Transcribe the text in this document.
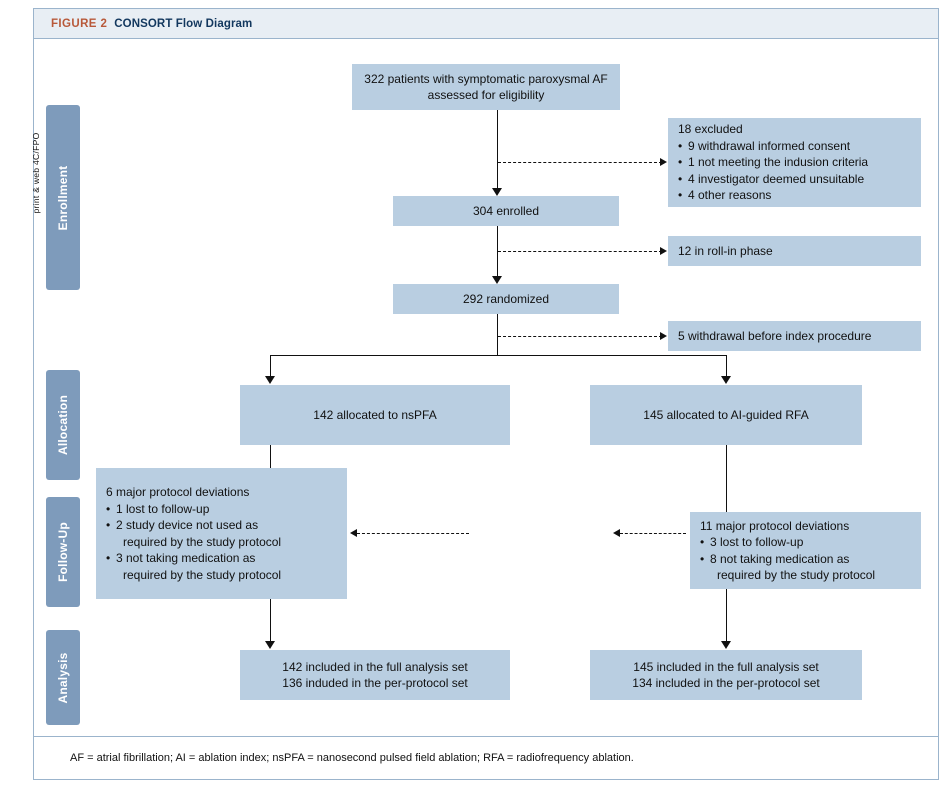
FIGURE 2 CONSORT Flow Diagram
print & web 4C/FPO Enrollment
Allocation
Follow-Up
Analysis
322 patients with symptomatic paroxysmal AF assessed for eligibility
18 excluded
• 9 withdrawal informed consent
• 1 not meeting the indusion criteria
• 4 investigator deemed unsuitable
• 4 other reasons
304 enrolled
12 in roll-in phase
292 randomized
5 withdrawal before index procedure
142 allocated to nsPFA	145 allocated to AI-guided RFA
6 major protocol deviations
• 1 lost to follow-up
• 2 study device not used as
required by the study protocol
• 3 not taking medication as
required by the study protocol
11 major protocol deviations
• 3 lost to follow-up
• 8 not taking medication as
required by the study protocol
142 included in the full analysis set
136 induded in the per-protocol set
145 included in the full analysis set
134 included in the per-protocol set
AF = atrial fibrillation; AI = ablation index; nsPFA = nanosecond pulsed field ablation; RFA = radiofrequency ablation.
